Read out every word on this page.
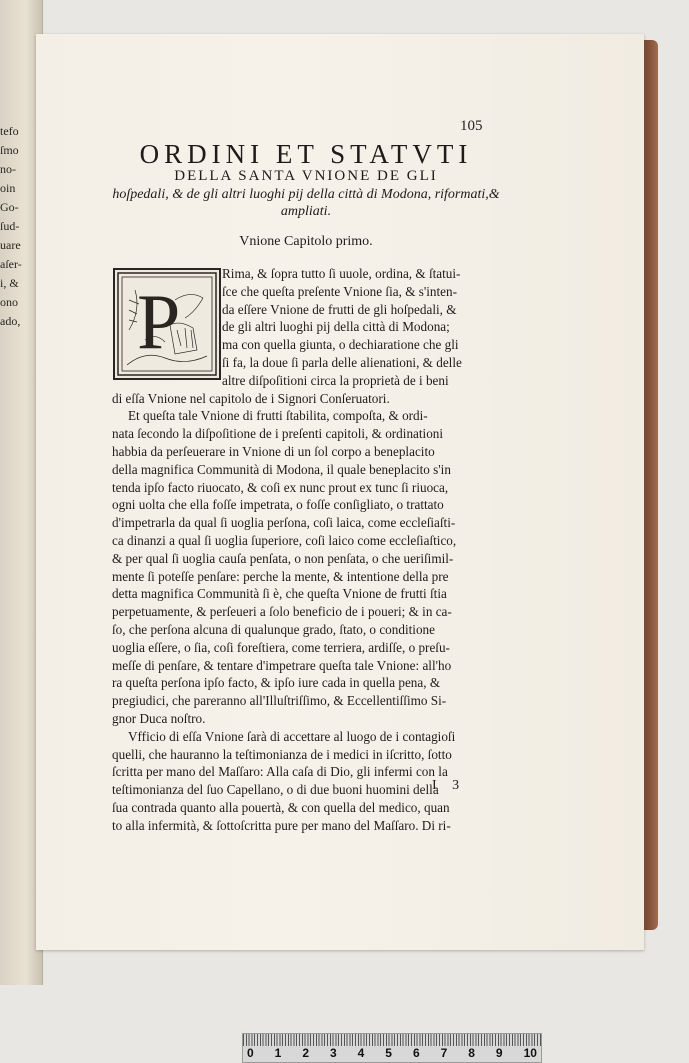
tefo
ſmo
no-
oin
Go-
ſud-
uare
aſer-
i, &
ono
ado,
105
ORDINI ET STATVTI
DELLA SANTA VNIONE DE GLI
hoſpedali, & de gli altri luoghi pij della città di Modona, riformati,& ampliati.
Vnione Capitolo primo.
P
Rima, & ſopra tutto ſi uuole, ordina, & ſtatui-
ſce che queſta preſente Vnione ſia, & s'inten-
da eſſere Vnione de frutti de gli hoſpedali, &
de gli altri luoghi pij della città di Modona;
ma con quella giunta, o dechiaratione che gli
ſi fa, la doue ſi parla delle alienationi, & delle
altre diſpoſitioni circa la proprietà de i beni
di eſſa Vnione nel capitolo de i Signori Conſeruatori.
Et queſta tale Vnione di frutti ſtabilita, compoſta, & ordi-
nata ſecondo la diſpoſitione de i preſenti capitoli, & ordinationi
habbia da perſeuerare in Vnione di un ſol corpo a beneplacito
della magnifica Communità di Modona, il quale beneplacito s'in
tenda ipſo facto riuocato, & coſi ex nunc prout ex tunc ſi riuoca,
ogni uolta che ella foſſe impetrata, o foſſe conſigliato, o trattato
d'impetrarla da qual ſi uoglia perſona, coſi laica, come eccleſiaſti-
ca dinanzi a qual ſi uoglia ſuperiore, coſi laico come eccleſiaſtico,
& per qual ſi uoglia cauſa penſata, o non penſata, o che ueriſimil-
mente ſi poteſſe penſare: perche la mente, & intentione della pre
detta magnifica Communità ſi è, che queſta Vnione de frutti ſtia
perpetuamente, & perſeueri a ſolo beneficio de i poueri; & in ca-
ſo, che perſona alcuna di qualunque grado, ſtato, o conditione
uoglia eſſere, o ſia, coſi foreſtiera, come terriera, ardiſſe, o preſu-
meſſe di penſare, & tentare d'impetrare queſta tale Vnione: all'ho
ra queſta perſona ipſo facto, & ipſo iure cada in quella pena, &
pregiudici, che pareranno all'Illuſtriſſimo, & Eccellentiſſimo Si-
gnor Duca noſtro.
Vfficio di eſſa Vnione ſarà di accettare al luogo de i contagioſi
quelli, che hauranno la teſtimonianza de i medici in iſcritto, ſotto
ſcritta per mano del Maſſaro: Alla caſa di Dio, gli infermi con la
teſtimonianza del ſuo Capellano, o di due buoni huomini della
ſua contrada quanto alla pouertà, & con quella del medico, quan
to alla infermità, & ſottoſcritta pure per mano del Maſſaro. Di ri-
I 3
0 1 2 3 4 5 6 7 8 9 10
